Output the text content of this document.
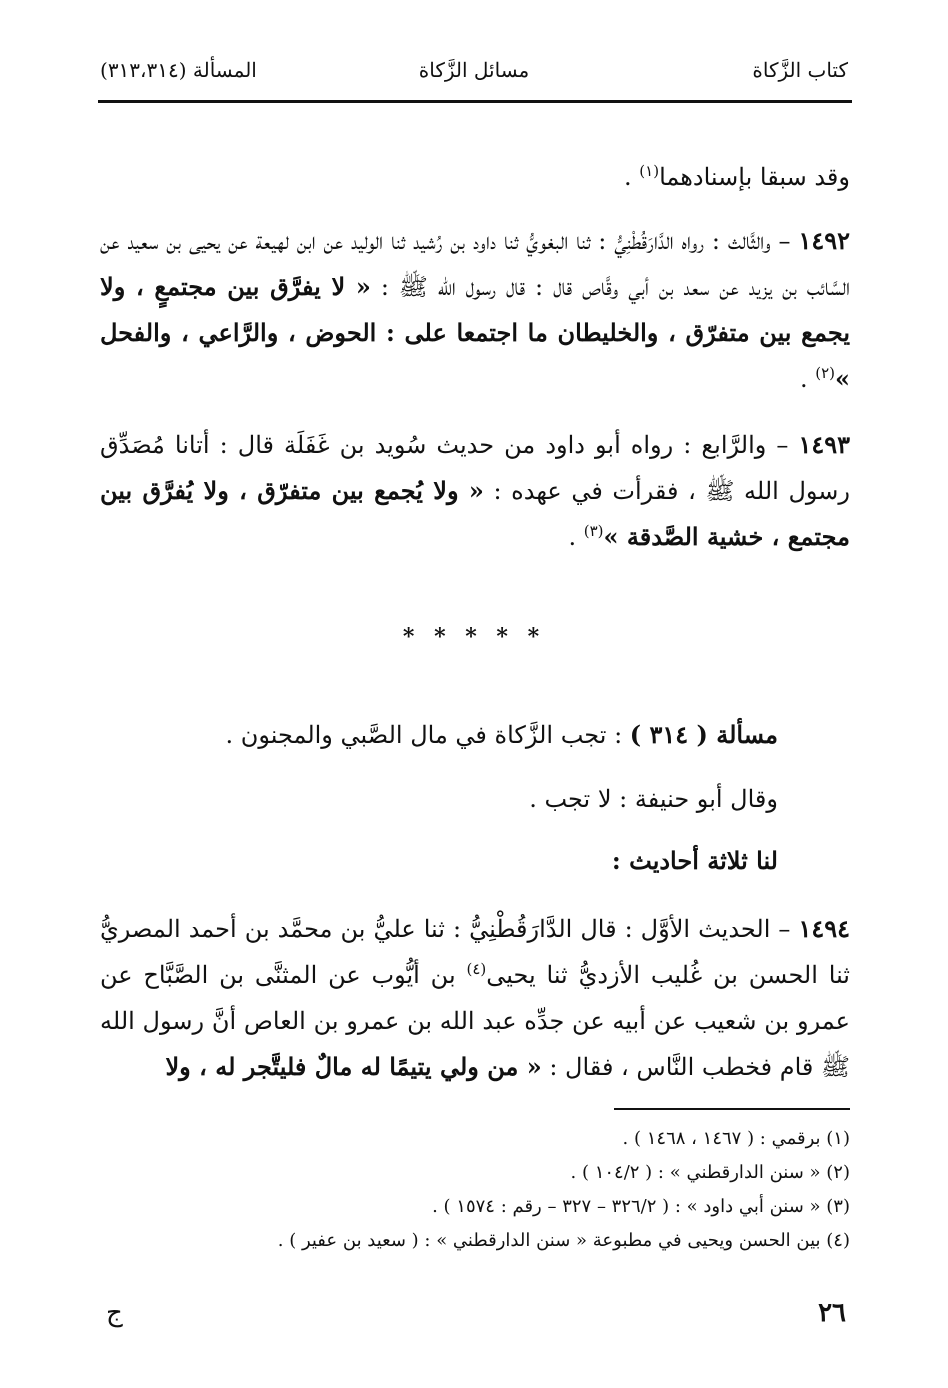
كتاب الزَّكاة
مسائل الزَّكاة
المسألة (٣١٣،٣١٤)

وقد سبقا بإسنادهما$^{(١)}$ .

١٤٩٢ – والثَّالث : رواه الدَّارَقُطْنِيُّ : ثنا البغويُّ ثنا داود بن رُشيد ثنا الوليد عن ابن لهيعة عن يحيى بن سعيد عن السَّائب بن يزيد عن سعد بن أبي وقَّاص قال : قال رسول الله ﷺ : « لا يفرَّق بين مجتمعٍ ، ولا يجمع بين متفرّق ، والخليطان ما اجتمعا على : الحوض ، والرَّاعي ، والفحل »$^{(٢)}$ .

١٤٩٣ – والرَّابع : رواه أبو داود من حديث سُويد بن غَفَلَة قال : أتانا مُصَدِّق رسول الله ﷺ ، فقرأت في عهده : « ولا يُجمع بين متفرّق ، ولا يُفرَّق بين مجتمع ، خشية الصَّدقة »$^{(٣)}$ .

* * * * *

مسألة ( ٣١٤ ) : تجب الزَّكاة في مال الصَّبي والمجنون .

وقال أبو حنيفة : لا تجب .

لنا ثلاثة أحاديث :

١٤٩٤ – الحديث الأوَّل : قال الدَّارَقُطْنِيُّ : ثنا عليُّ بن محمَّد بن أحمد المصريُّ ثنا الحسن بن غُليب الأزديُّ ثنا يحيى$^{(٤)}$ بن أيُّوب عن المثنَّى بن الصَّبَّاح عن عمرو بن شعيب عن أبيه عن جدِّه عبد الله بن عمرو بن العاص أنَّ رسول الله ﷺ قام فخطب النَّاس ، فقال : « من ولي يتيمًا له مالٌ فليتَّجر له ، ولا

(١) برقمي : ( ١٤٦٧ ، ١٤٦٨ ) .
(٢) « سنن الدارقطني » : ( ١٠٤/٢ ) .
(٣) « سنن أبي داود » : ( ٣٢٦/٢ – ٣٢٧ – رقم : ١٥٧٤ ) .
(٤) بين الحسن ويحيى في مطبوعة « سنن الدارقطني » : ( سعيد بن عفير ) .
٢٦
ج
